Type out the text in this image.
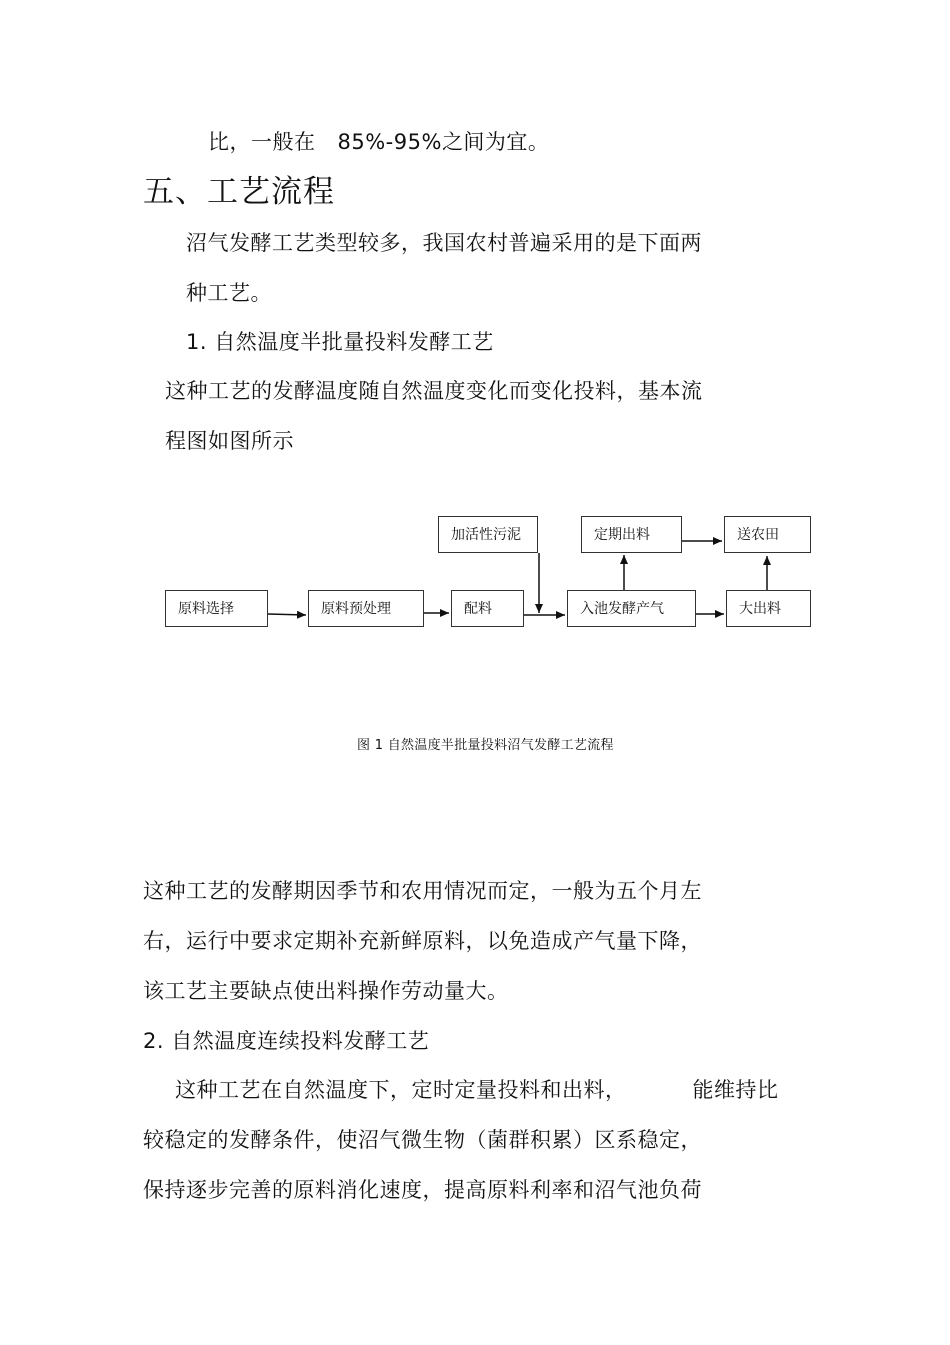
比，一般在 85%-95%之间为宜。
五、工艺流程
沼气发酵工艺类型较多，我国农村普遍采用的是下面两
种工艺。
1. 自然温度半批量投料发酵工艺
这种工艺的发酵温度随自然温度变化而变化投料，基本流
程图如图所示
加活性污泥	定期出料	送农田
原料选择	原料预处理	配料	入池发酵产气	大出料
图 1 自然温度半批量投料沼气发酵工艺流程
这种工艺的发酵期因季节和农用情况而定，一般为五个月左
右，运行中要求定期补充新鲜原料，以免造成产气量下降，
该工艺主要缺点使出料操作劳动量大。
2. 自然温度连续投料发酵工艺
这种工艺在自然温度下，定时定量投料和出料，	能维持比
较稳定的发酵条件，使沼气微生物（菌群积累）区系稳定，
保持逐步完善的原料消化速度，提高原料利率和沼气池负荷
